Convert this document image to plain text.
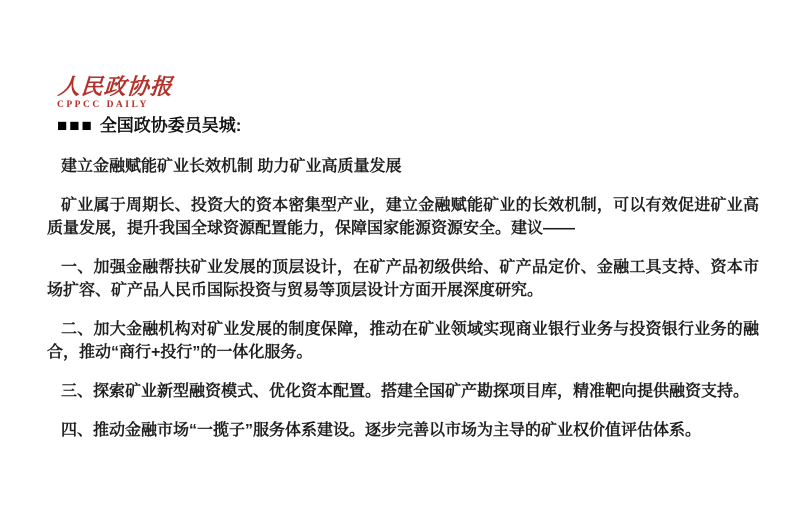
人民政协报
CPPCC DAILY
■■■ 全国政协委员吴城:

建立金融赋能矿业长效机制 助力矿业高质量发展

矿业属于周期长、投资大的资本密集型产业，建立金融赋能矿业的长效机制，可以有效促进矿业高质量发展，提升我国全球资源配置能力，保障国家能源资源安全。建议——

一、加强金融帮扶矿业发展的顶层设计，在矿产品初级供给、矿产品定价、金融工具支持、资本市场扩容、矿产品人民币国际投资与贸易等顶层设计方面开展深度研究。

二、加大金融机构对矿业发展的制度保障，推动在矿业领域实现商业银行业务与投资银行业务的融合，推动“商行+投行”的一体化服务。

三、探索矿业新型融资模式、优化资本配置。搭建全国矿产勘探项目库，精准靶向提供融资支持。

四、推动金融市场“一揽子”服务体系建设。逐步完善以市场为主导的矿业权价值评估体系。
